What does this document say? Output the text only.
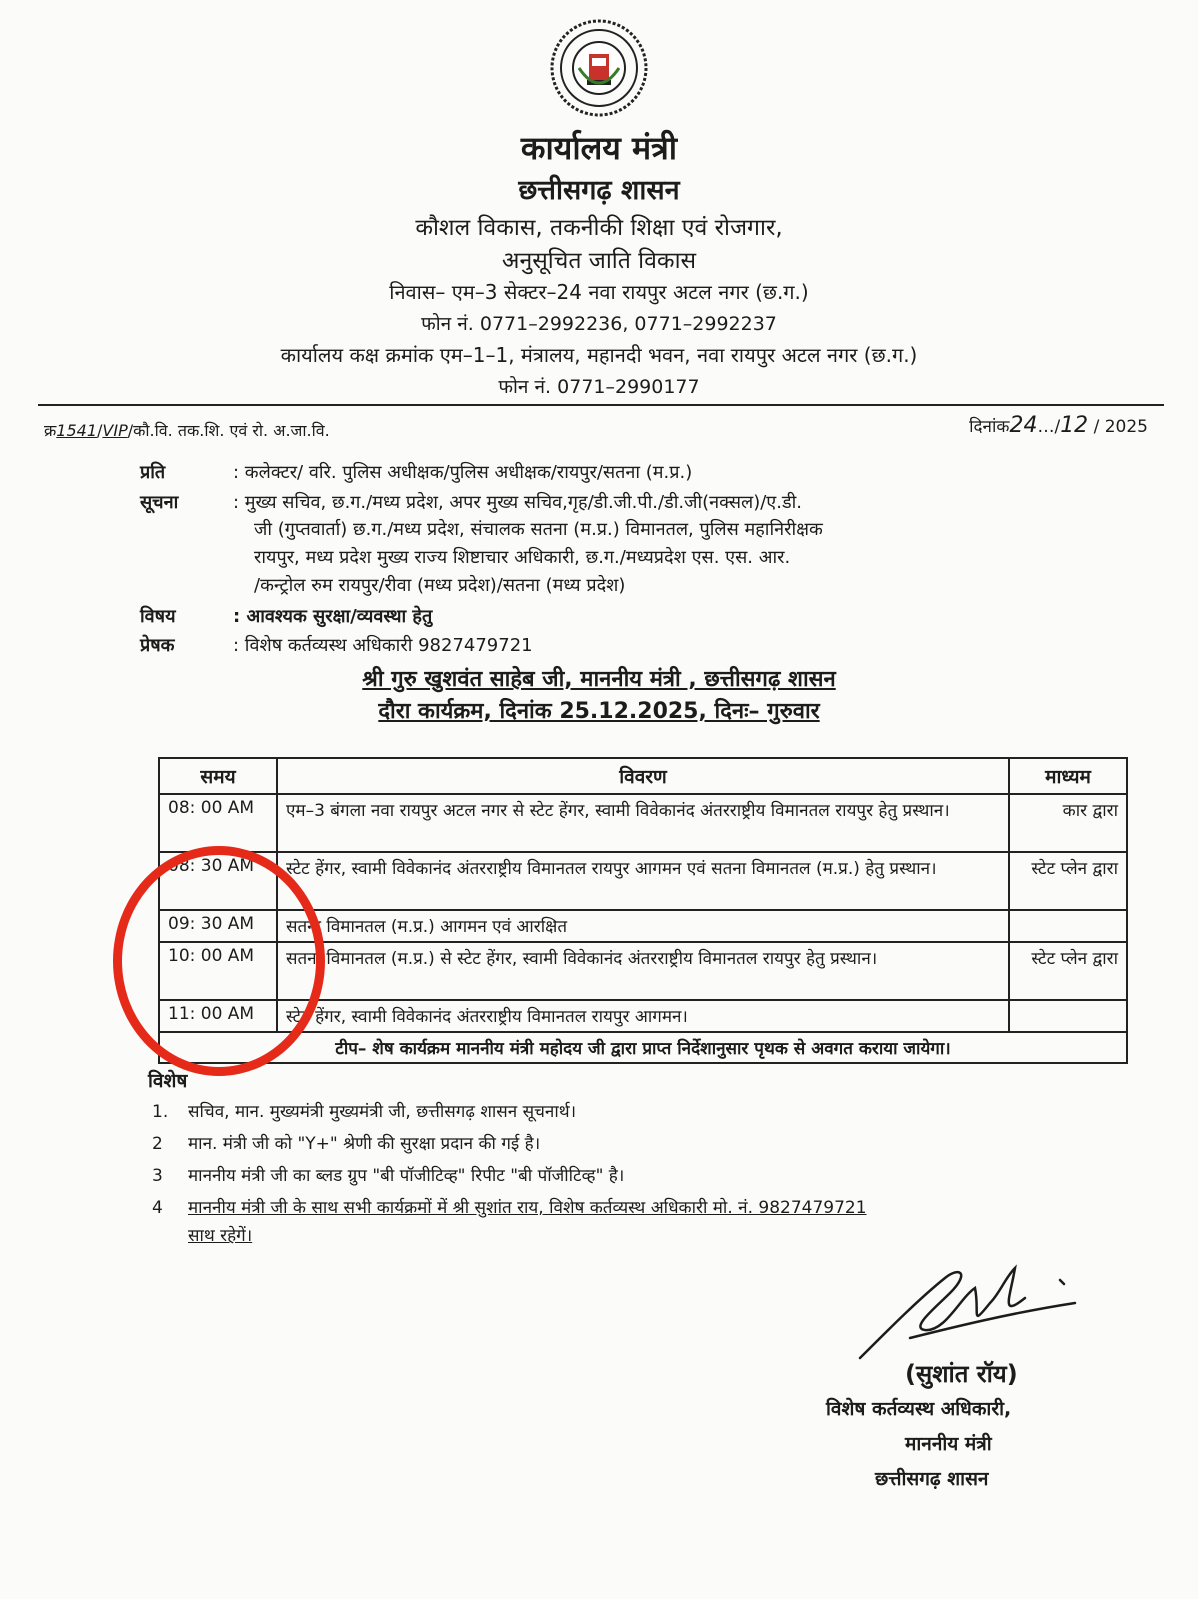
कार्यालय मंत्री
छत्तीसगढ़ शासन
कौशल विकास, तकनीकी शिक्षा एवं रोजगार,
अनुसूचित जाति विकास
निवास– एम–3 सेक्टर–24 नवा रायपुर अटल नगर (छ.ग.)
फोन नं. 0771–2992236, 0771–2992237
कार्यालय कक्ष क्रमांक एम–1–1, मंत्रालय, महानदी भवन, नवा रायपुर अटल नगर (छ.ग.)
फोन नं. 0771–2990177
क्र1541/VIP/कौ.वि. तक.शि. एवं रो. अ.जा.वि.	दिनांक24…/12 / 2025
प्रति	: कलेक्टर/ वरि. पुलिस अधीक्षक/पुलिस अधीक्षक/रायपुर/सतना (म.प्र.)
सूचना	: मुख्य सचिव, छ.ग./मध्य प्रदेश, अपर मुख्य सचिव,गृह/डी.जी.पी./डी.जी(नक्सल)/ए.डी.
जी (गुप्तवार्ता) छ.ग./मध्य प्रदेश, संचालक सतना (म.प्र.) विमानतल, पुलिस महानिरीक्षक
रायपुर, मध्य प्रदेश मुख्य राज्य शिष्टाचार अधिकारी, छ.ग./मध्यप्रदेश एस. एस. आर.
/कन्ट्रोल रुम रायपुर/रीवा (मध्य प्रदेश)/सतना (मध्य प्रदेश)
विषय	: आवश्यक सुरक्षा/व्यवस्था हेतु
प्रेषक	: विशेष कर्तव्यस्थ अधिकारी 9827479721
श्री गुरु खुशवंत साहेब जी, माननीय मंत्री , छत्तीसगढ़ शासन
दौरा कार्यक्रम, दिनांक 25.12.2025, दिनः– गुरुवार
समय	विवरण	माध्यम
08: 00 AM	एम–3 बंगला नवा रायपुर अटल नगर से स्टेट हेंगर, स्वामी विवेकानंद अंतरराष्ट्रीय विमानतल रायपुर हेतु प्रस्थान।	कार द्वारा
08: 30 AM	स्टेट हेंगर, स्वामी विवेकानंद अंतरराष्ट्रीय विमानतल रायपुर आगमन एवं सतना विमानतल (म.प्र.) हेतु प्रस्थान।	स्टेट प्लेन द्वारा
09: 30 AM	सतना विमानतल (म.प्र.) आगमन एवं आरक्षित	
10: 00 AM	सतना विमानतल (म.प्र.) से स्टेट हेंगर, स्वामी विवेकानंद अंतरराष्ट्रीय विमानतल रायपुर हेतु प्रस्थान।	स्टेट प्लेन द्वारा
11: 00 AM	स्टेट हेंगर, स्वामी विवेकानंद अंतरराष्ट्रीय विमानतल रायपुर आगमन।	
टीप– शेष कार्यक्रम माननीय मंत्री महोदय जी द्वारा प्राप्त निर्देशानुसार पृथक से अवगत कराया जायेगा।		
विशेष
1. सचिव, मान. मुख्यमंत्री मुख्यमंत्री जी, छत्तीसगढ़ शासन सूचनार्थ।
2 मान. मंत्री जी को "Y+" श्रेणी की सुरक्षा प्रदान की गई है।
3 माननीय मंत्री जी का ब्लड ग्रुप "बी पॉजीटिव्ह" रिपीट "बी पॉजीटिव्ह" है।
4 माननीय मंत्री जी के साथ सभी कार्यक्रमों में श्री सुशांत राय, विशेष कर्तव्यस्थ अधिकारी मो. नं. 9827479721
साथ रहेगें।
(सुशांत रॉय)
विशेष कर्तव्यस्थ अधिकारी,
माननीय मंत्री
छत्तीसगढ़ शासन
